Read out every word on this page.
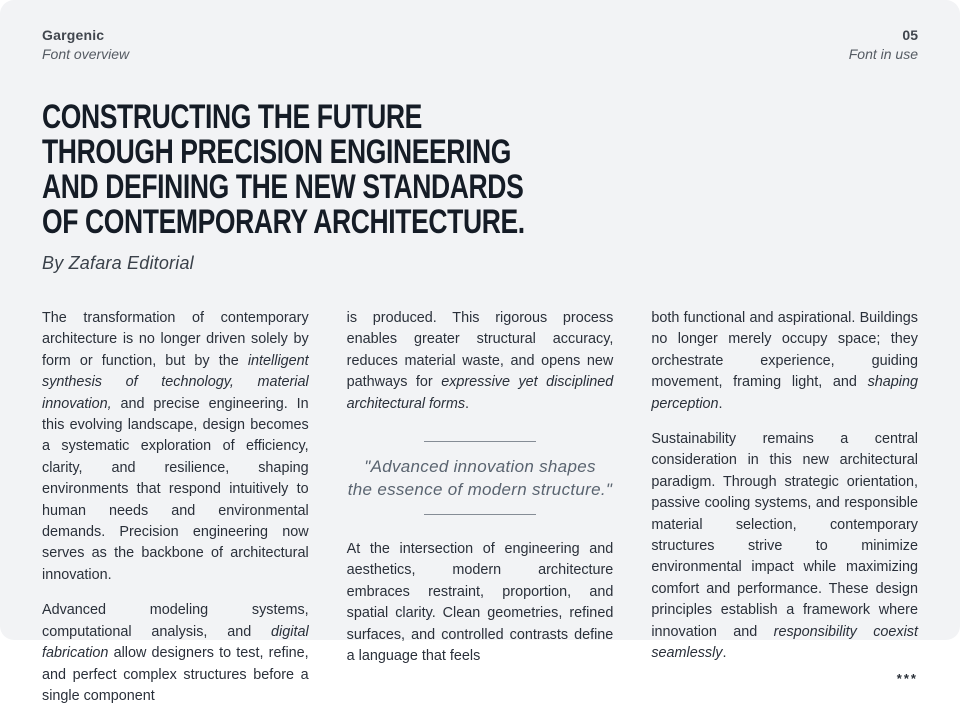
Gargenic
Font overview
05
Font in use
CONSTRUCTING THE FUTURE
THROUGH PRECISION ENGINEERING
AND DEFINING THE NEW STANDARDS
OF CONTEMPORARY ARCHITECTURE.
By Zafara Editorial

The transformation of contemporary architecture is no longer driven solely by form or function, but by the intelligent synthesis of technology, material innovation, and precise engineering. In this evolving landscape, design becomes a systematic exploration of efficiency, clarity, and resilience, shaping environments that respond intuitively to human needs and environmental demands. Precision engineering now serves as the backbone of architectural innovation.

Advanced modeling systems, computational analysis, and digital fabrication allow designers to test, refine, and perfect complex structures before a single component

is produced. This rigorous process enables greater structural accuracy, reduces material waste, and opens new pathways for expressive yet disciplined architectural forms.

"Advanced innovation shapes
the essence of modern structure."

At the intersection of engineering and aesthetics, modern architecture embraces restraint, proportion, and spatial clarity. Clean geometries, refined surfaces, and controlled contrasts define a language that feels

both functional and aspirational. Buildings no longer merely occupy space; they orchestrate experience, guiding movement, framing light, and shaping perception.

Sustainability remains a central consideration in this new architectural paradigm. Through strategic orientation, passive cooling systems, and responsible material selection, contemporary structures strive to minimize environmental impact while maximizing comfort and performance. These design principles establish a framework where innovation and responsibility coexist seamlessly.

***
